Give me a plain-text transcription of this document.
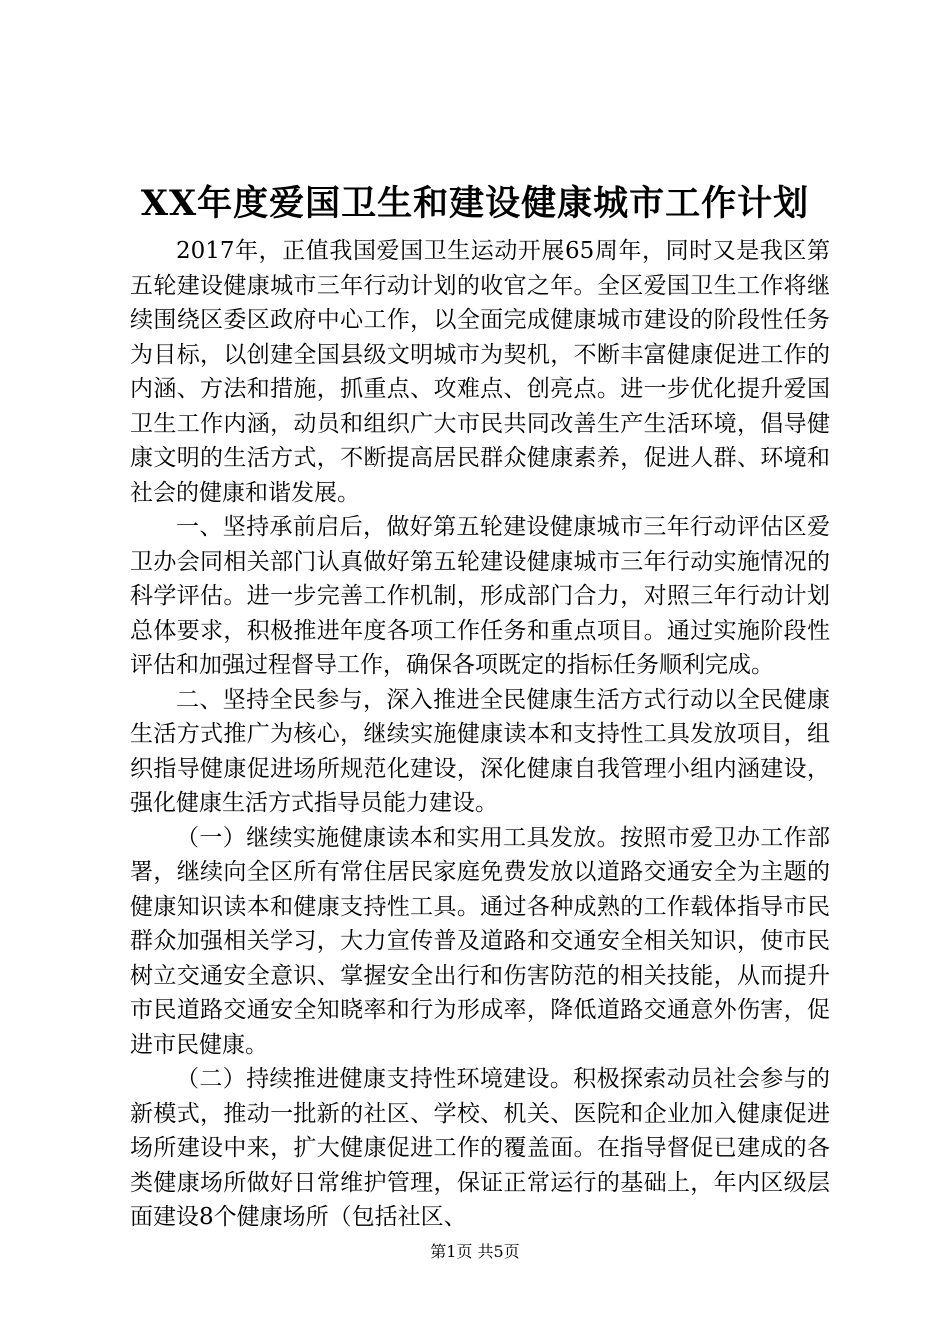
XX年度爱国卫生和建设健康城市工作计划

2017年，正值我国爱国卫生运动开展65周年，同时又是我区第五轮建设健康城市三年行动计划的收官之年。全区爱国卫生工作将继续围绕区委区政府中心工作，以全面完成健康城市建设的阶段性任务为目标，以创建全国县级文明城市为契机，不断丰富健康促进工作的内涵、方法和措施，抓重点、攻难点、创亮点。进一步优化提升爱国卫生工作内涵，动员和组织广大市民共同改善生产生活环境，倡导健康文明的生活方式，不断提高居民群众健康素养，促进人群、环境和社会的健康和谐发展。

一、坚持承前启后，做好第五轮建设健康城市三年行动评估区爱卫办会同相关部门认真做好第五轮建设健康城市三年行动实施情况的科学评估。进一步完善工作机制，形成部门合力，对照三年行动计划总体要求，积极推进年度各项工作任务和重点项目。通过实施阶段性评估和加强过程督导工作，确保各项既定的指标任务顺利完成。

二、坚持全民参与，深入推进全民健康生活方式行动以全民健康生活方式推广为核心，继续实施健康读本和支持性工具发放项目，组织指导健康促进场所规范化建设，深化健康自我管理小组内涵建设，强化健康生活方式指导员能力建设。

（一）继续实施健康读本和实用工具发放。按照市爱卫办工作部署，继续向全区所有常住居民家庭免费发放以道路交通安全为主题的健康知识读本和健康支持性工具。通过各种成熟的工作载体指导市民群众加强相关学习，大力宣传普及道路和交通安全相关知识，使市民树立交通安全意识、掌握安全出行和伤害防范的相关技能，从而提升市民道路交通安全知晓率和行为形成率，降低道路交通意外伤害，促进市民健康。

（二）持续推进健康支持性环境建设。积极探索动员社会参与的新模式，推动一批新的社区、学校、机关、医院和企业加入健康促进场所建设中来，扩大健康促进工作的覆盖面。在指导督促已建成的各类健康场所做好日常维护管理，保证正常运行的基础上，年内区级层面建设8个健康场所（包括社区、

第1页 共5页
